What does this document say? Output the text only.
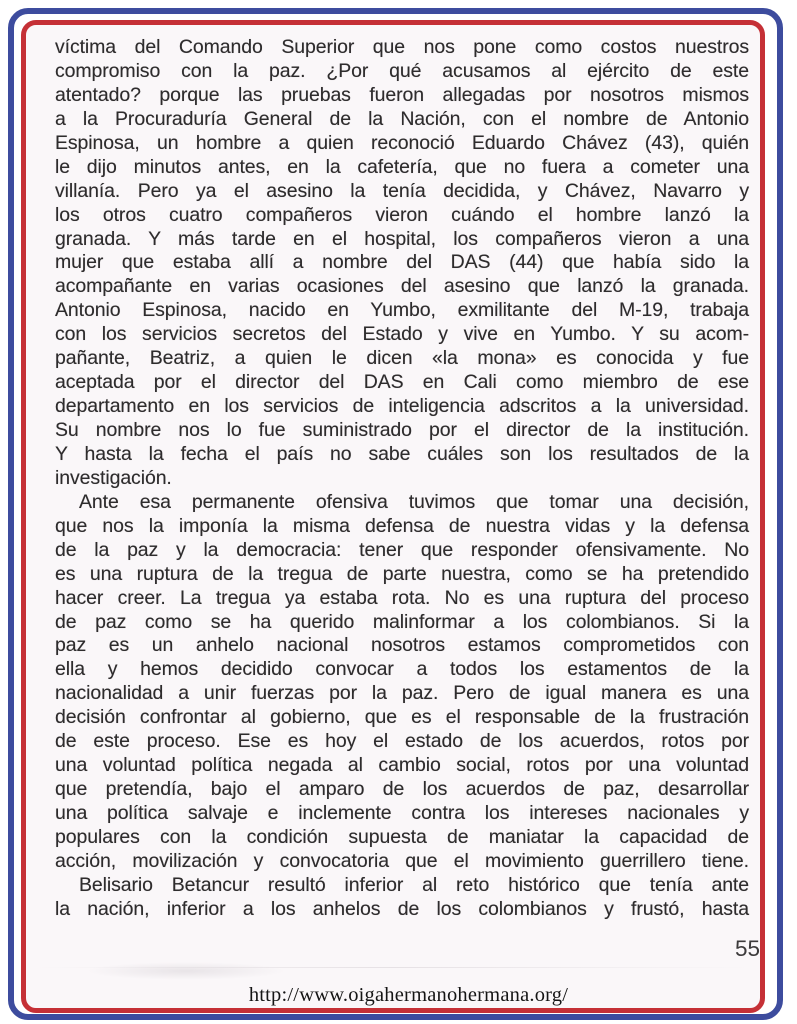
víctima del Comando Superior que nos pone como costos nuestros
compromiso con la paz. ¿Por qué acusamos al ejército de este
atentado? porque las pruebas fueron allegadas por nosotros mismos
a la Procuraduría General de la Nación, con el nombre de Antonio
Espinosa, un hombre a quien reconoció Eduardo Chávez (43), quién
le dijo minutos antes, en la cafetería, que no fuera a cometer una
villanía. Pero ya el asesino la tenía decidida, y Chávez, Navarro y
los otros cuatro compañeros vieron cuándo el hombre lanzó la
granada. Y más tarde en el hospital, los compañeros vieron a una
mujer que estaba allí a nombre del DAS (44) que había sido la
acompañante en varias ocasiones del asesino que lanzó la granada.
Antonio Espinosa, nacido en Yumbo, exmilitante del M-19, trabaja
con los servicios secretos del Estado y vive en Yumbo. Y su acom-
pañante, Beatriz, a quien le dicen «la mona» es conocida y fue
aceptada por el director del DAS en Cali como miembro de ese
departamento en los servicios de inteligencia adscritos a la universidad.
Su nombre nos lo fue suministrado por el director de la institución.
Y hasta la fecha el país no sabe cuáles son los resultados de la
investigación.
Ante esa permanente ofensiva tuvimos que tomar una decisión,
que nos la imponía la misma defensa de nuestra vidas y la defensa
de la paz y la democracia: tener que responder ofensivamente. No
es una ruptura de la tregua de parte nuestra, como se ha pretendido
hacer creer. La tregua ya estaba rota. No es una ruptura del proceso
de paz como se ha querido malinformar a los colombianos. Si la
paz es un anhelo nacional nosotros estamos comprometidos con
ella y hemos decidido convocar a todos los estamentos de la
nacionalidad a unir fuerzas por la paz. Pero de igual manera es una
decisión confrontar al gobierno, que es el responsable de la frustración
de este proceso. Ese es hoy el estado de los acuerdos, rotos por
una voluntad política negada al cambio social, rotos por una voluntad
que pretendía, bajo el amparo de los acuerdos de paz, desarrollar
una política salvaje e inclemente contra los intereses nacionales y
populares con la condición supuesta de maniatar la capacidad de
acción, movilización y convocatoria que el movimiento guerrillero tiene.
Belisario Betancur resultó inferior al reto histórico que tenía ante
la nación, inferior a los anhelos de los colombianos y frustó, hasta
55
http://www.oigahermanohermana.org/
